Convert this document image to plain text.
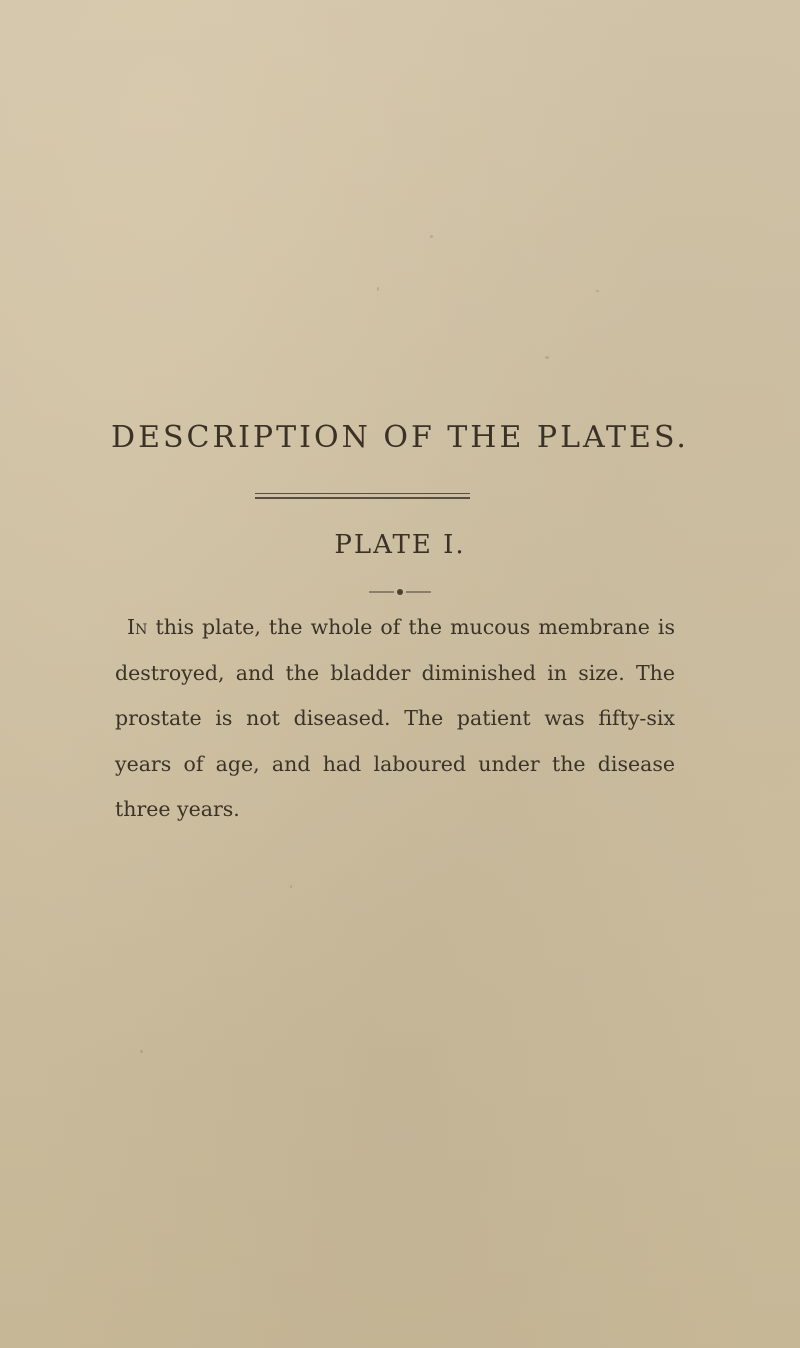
DESCRIPTION OF THE PLATES.
PLATE I.

In this plate, the whole of the mucous membrane is destroyed, and the bladder diminished in size. The prostate is not diseased. The patient was fifty-six years of age, and had laboured under the disease three years.
